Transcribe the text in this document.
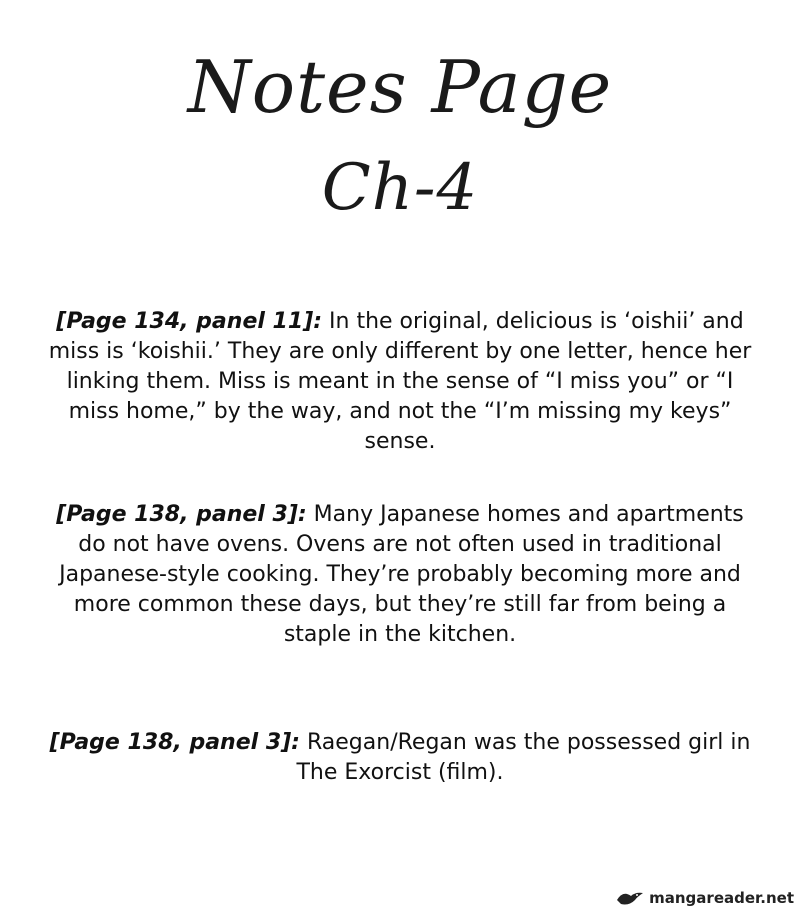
Notes Page
Ch-4

[Page 134, panel 11]: In the original, delicious is ‘oishii’ and miss is ‘koishii.’ They are only different by one letter, hence her linking them. Miss is meant in the sense of “I miss you” or “I miss home,” by the way, and not the “I’m missing my keys” sense.

[Page 138, panel 3]: Many Japanese homes and apartments do not have ovens. Ovens are not often used in traditional Japanese-style cooking. They’re probably becoming more and more common these days, but they’re still far from being a staple in the kitchen.

[Page 138, panel 3]: Raegan/Regan was the possessed girl in The Exorcist (film).

mangareader.net
